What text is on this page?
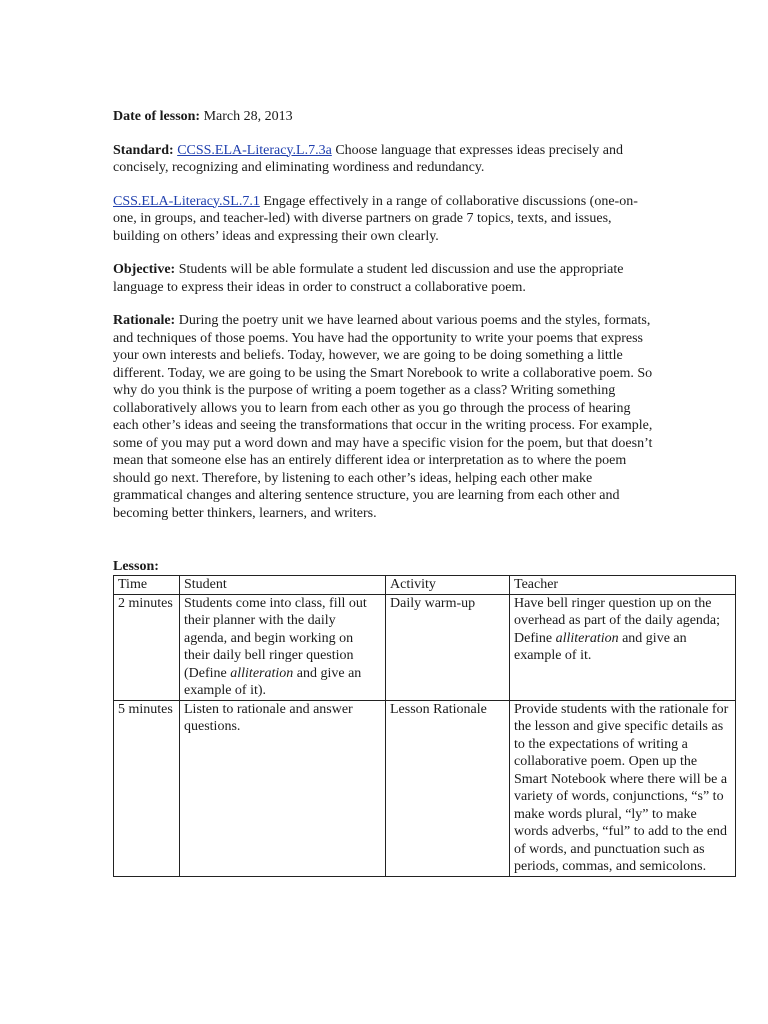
Date of lesson: March 28, 2013

Standard: CCSS.ELA-Literacy.L.7.3a Choose language that expresses ideas precisely and concisely, recognizing and eliminating wordiness and redundancy.

CSS.ELA-Literacy.SL.7.1 Engage effectively in a range of collaborative discussions (one-on-one, in groups, and teacher-led) with diverse partners on grade 7 topics, texts, and issues, building on others’ ideas and expressing their own clearly.

Objective: Students will be able formulate a student led discussion and use the appropriate language to express their ideas in order to construct a collaborative poem.

Rationale: During the poetry unit we have learned about various poems and the styles, formats, and techniques of those poems. You have had the opportunity to write your poems that express your own interests and beliefs. Today, however, we are going to be doing something a little different. Today, we are going to be using the Smart Norebook to write a collaborative poem. So why do you think is the purpose of writing a poem together as a class? Writing something collaboratively allows you to learn from each other as you go through the process of hearing each other’s ideas and seeing the transformations that occur in the writing process. For example, some of you may put a word down and may have a specific vision for the poem, but that doesn’t mean that someone else has an entirely different idea or interpretation as to where the poem should go next. Therefore, by listening to each other’s ideas, helping each other make grammatical changes and altering sentence structure, you are learning from each other and becoming better thinkers, learners, and writers.

Lesson:
Time	Student	Activity	Teacher
2 minutes	Students come into class, fill out their planner with the daily agenda, and begin working on their daily bell ringer question (Define alliteration and give an example of it).	Daily warm-up	Have bell ringer question up on the overhead as part of the daily agenda; Define alliteration and give an example of it.
5 minutes	Listen to rationale and answer questions.	Lesson Rationale	Provide students with the rationale for the lesson and give specific details as to the expectations of writing a collaborative poem. Open up the Smart Notebook where there will be a variety of words, conjunctions, “s” to make words plural, “ly” to make words adverbs, “ful” to add to the end of words, and punctuation such as periods, commas, and semicolons.
